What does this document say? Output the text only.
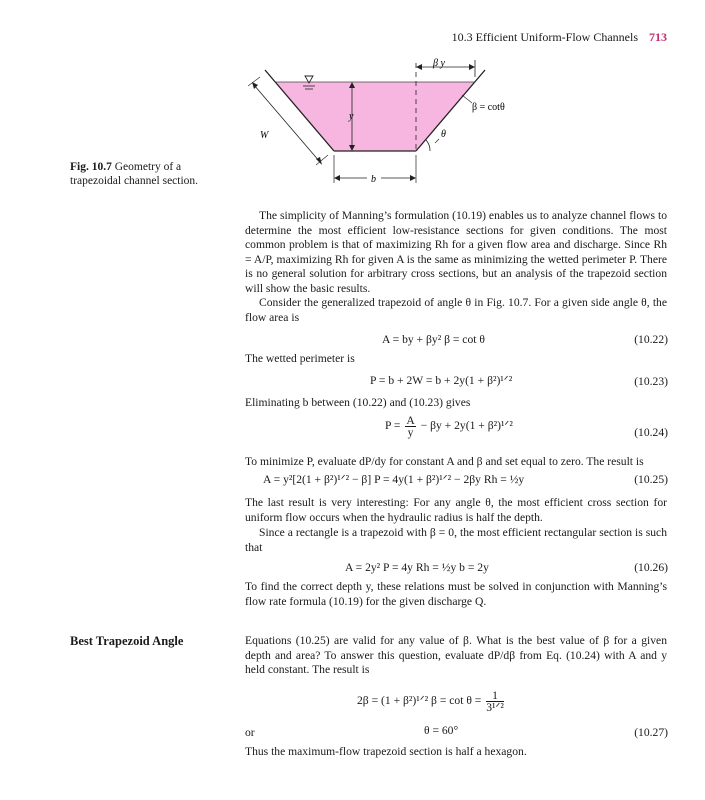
10.3 Efficient Uniform-Flow Channels 713
y
β y
β = cotθ
θ
W
b
Fig. 10.7 Geometry of a trapezoidal channel section.
The simplicity of Manning’s formulation (10.19) enables us to analyze channel flows to determine the most efficient low-resistance sections for given conditions. The most common problem is that of maximizing Rh for a given flow area and discharge. Since Rh = A/P, maximizing Rh for given A is the same as minimizing the wetted perimeter P. There is no general solution for arbitrary cross sections, but an analysis of the trapezoid section will show the basic results.
Consider the generalized trapezoid of angle θ in Fig. 10.7. For a given side angle θ, the flow area is
A = by + βy² β = cot θ	(10.22)
The wetted perimeter is
P = b + 2W = b + 2y(1 + β²)¹ᐟ²	(10.23)
Eliminating b between (10.22) and (10.23) gives
$P = \frac{A}{y} - \beta y + 2y(1$ + β²)¹ᐟ²
(10.24)
To minimize P, evaluate dP/dy for constant A and β and set equal to zero. The result is
A = y²[2(1 + β²)¹ᐟ² − β] P = 4y(1 + β²)¹ᐟ² − 2βy Rh = ½y	(10.25)
The last result is very interesting: For any angle θ, the most efficient cross section for uniform flow occurs when the hydraulic radius is half the depth.
Since a rectangle is a trapezoid with β = 0, the most efficient rectangular section is such that
A = 2y² P = 4y Rh = ½y b = 2y	(10.26)
To find the correct depth y, these relations must be solved in conjunction with Manning’s flow rate formula (10.19) for the given discharge Q.
Best Trapezoid Angle	Equations (10.25) are valid for any value of β. What is the best value of β for a given depth and area? To answer this question, evaluate dP/dβ from Eq. (10.24) with A and y held constant. The result is
2β = (1 + β²)¹ᐟ² $\beta = \cot \theta = \frac{1}{\text{3¹ᐟ²}}$
or	θ = 60°	(10.27)
Thus the maximum-flow trapezoid section is half a hexagon.
